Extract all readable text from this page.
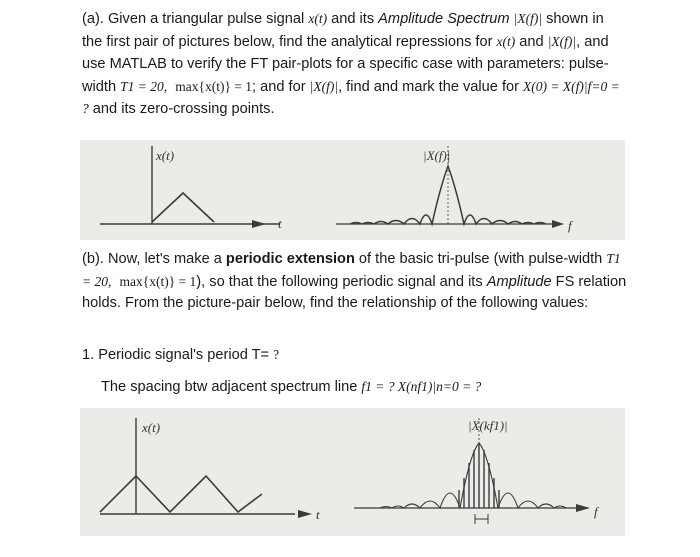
(a). Given a triangular pulse signal x(t) and its Amplitude Spectrum |X(f)| shown in the first pair of pictures below, find the analytical repressions for x(t) and |X(f)|, and use MATLAB to verify the FT pair-plots for a specific case with parameters: pulse-width T1 = 20, max{x(t)} = 1; and for |X(f)|, find and mark the value for X(0) = X(f)|f=0 = ? and its zero-crossing points.
x(t)
t
|X(f)|
f
(b). Now, let's make a periodic extension of the basic tri-pulse (with pulse-width T1 = 20, max{x(t)} = 1), so that the following periodic signal and its Amplitude FS relation holds. From the picture-pair below, find the relationship of the following values:
1. Periodic signal's period T= ?
The spacing btw adjacent spectrum line f1 = ? X(nf1)|n=0 = ?
x(t)
t
|X(kf1)|
f
